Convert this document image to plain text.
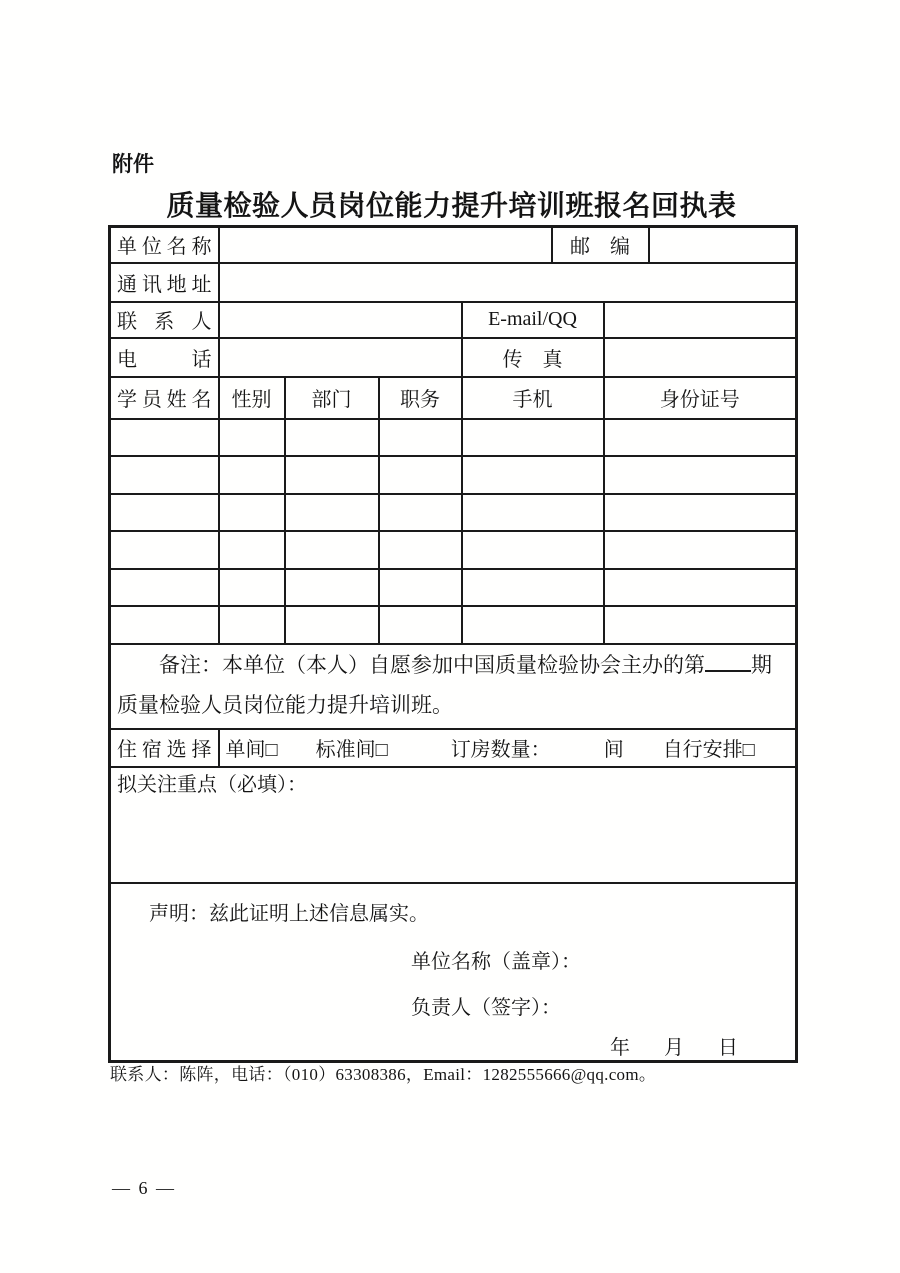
附件
质量检验人员岗位能力提升培训班报名回执表
单位名称					邮　编		

通讯地址							

联系人				E-mail/QQ			

电话				传　真			

学员姓名	性别	部门	职务	手机		身份证号	

备注：本单位（本人）自愿参加中国质量检验协会主办的第 期质量检验人员岗位能力提升培训班。							

住宿选择	单间□ 标准间□ 订房数量： 间 自行安排□						
拟关注重点（必填）：							

声明：兹此证明上述信息属实。
单位名称（盖章）：
负责人（签字）：
年　月　日							
联系人：陈阵，电话：（010）63308386，Email：1282555666@qq.com。
— 6 —
